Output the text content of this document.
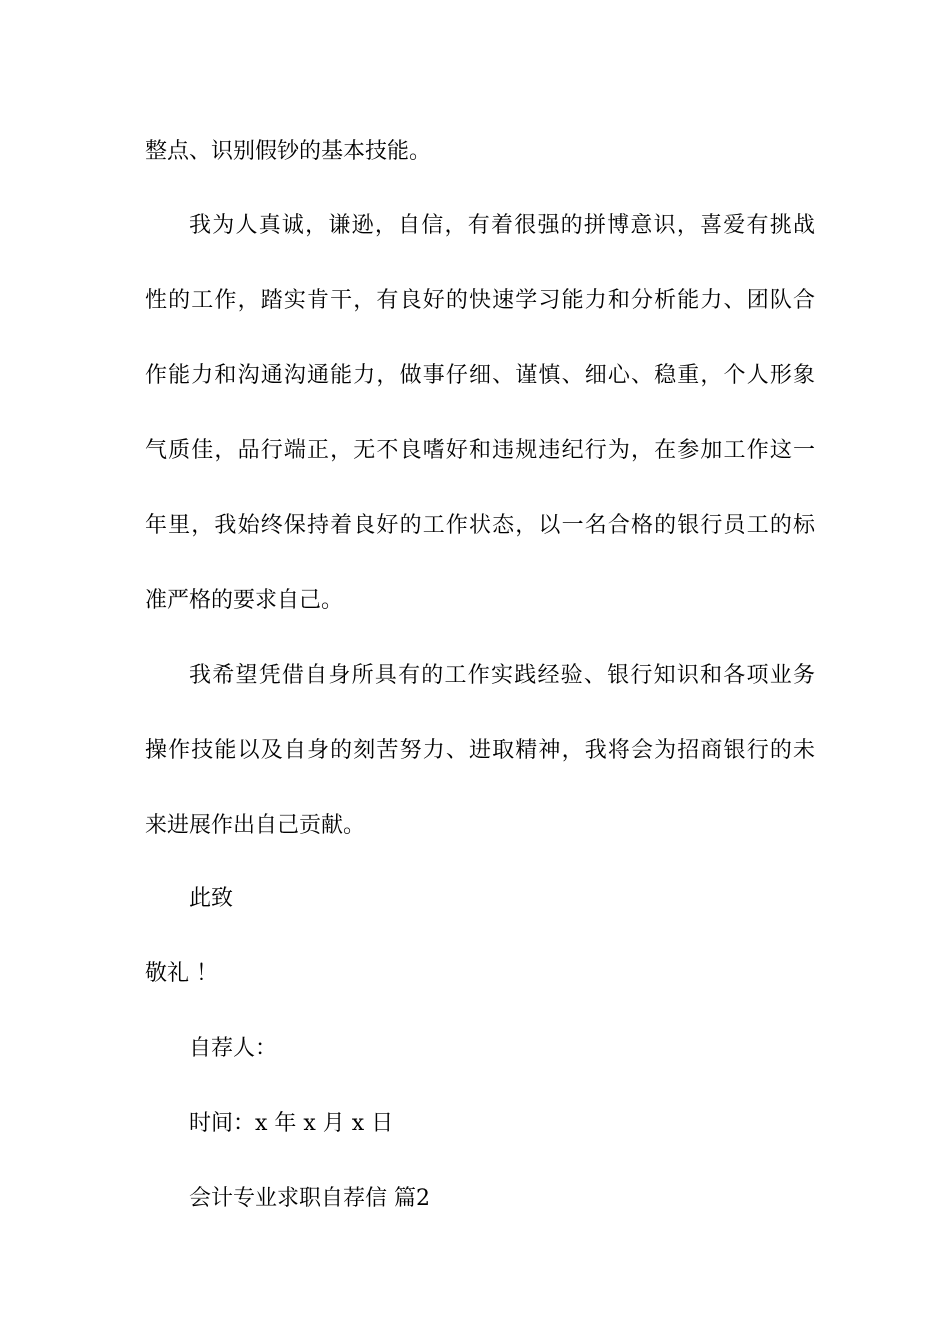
整点、识别假钞的基本技能。
我为人真诚，谦逊，自信，有着很强的拼博意识，喜爱有挑战
性的工作，踏实肯干，有良好的快速学习能力和分析能力、团队合
作能力和沟通沟通能力，做事仔细、谨慎、细心、稳重，个人形象
气质佳，品行端正，无不良嗜好和违规违纪行为，在参加工作这一
年里，我始终保持着良好的工作状态，以一名合格的银行员工的标
准严格的要求自己。
我希望凭借自身所具有的工作实践经验、银行知识和各项业务
操作技能以及自身的刻苦努力、进取精神，我将会为招商银行的未
来进展作出自己贡献。
此致
敬礼 ！
自荐人：
时间：x 年 x 月 x 日
会计专业求职自荐信 篇2
